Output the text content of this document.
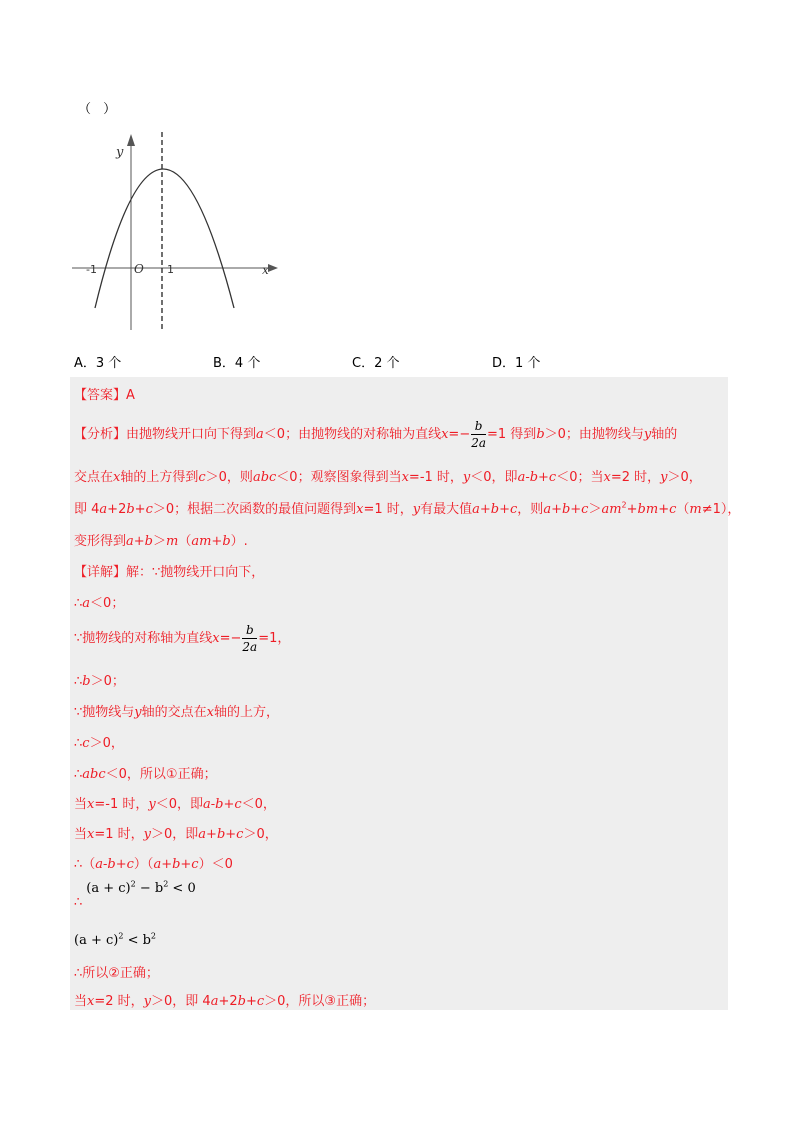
（ ）
y
x
O
-1	1
A．3 个	B．4 个	C．2 个	D．1 个
【答案】A
【分析】由抛物线开口向下得到a＜0；由抛物线的对称轴为直线$x=- \frac{b}{2a} =1$ 得到b＞0；由抛物线与y轴的
交点在x轴的上方得到c＞0，则abc＜0；观察图象得到当x=-1 时，y＜0，即a-b+c＜0；当x=2 时，y＞0，
即 4a+2b+c＞0；根据二次函数的最值问题得到x=1 时，y有最大值a+b+c，则$a+b+c>am^2+bm+c(m\ne 1)$，
变形得到a+b＞m（am+b）.
【详解】解：∵抛物线开口向下，
∴a＜0；
∵抛物线的对称轴为直线$x=- \frac{b}{2a} =1$，
∴b＞0；
∵抛物线与y轴的交点在x轴的上方，
∴c＞0，
∴abc＜0，所以①正确；
当x=-1 时，y＜0，即a-b+c＜0，
当x=1 时，y＞0，即a+b+c＞0，
∴（a-b+c）（a+b+c）＜0
∴(a + $c)^2 - b^2 < 0$
$(a + c)^2 < b^2$
∴所以②正确；
当x=2 时，y＞0，即 4a+2b+c＞0，所以③正确；
